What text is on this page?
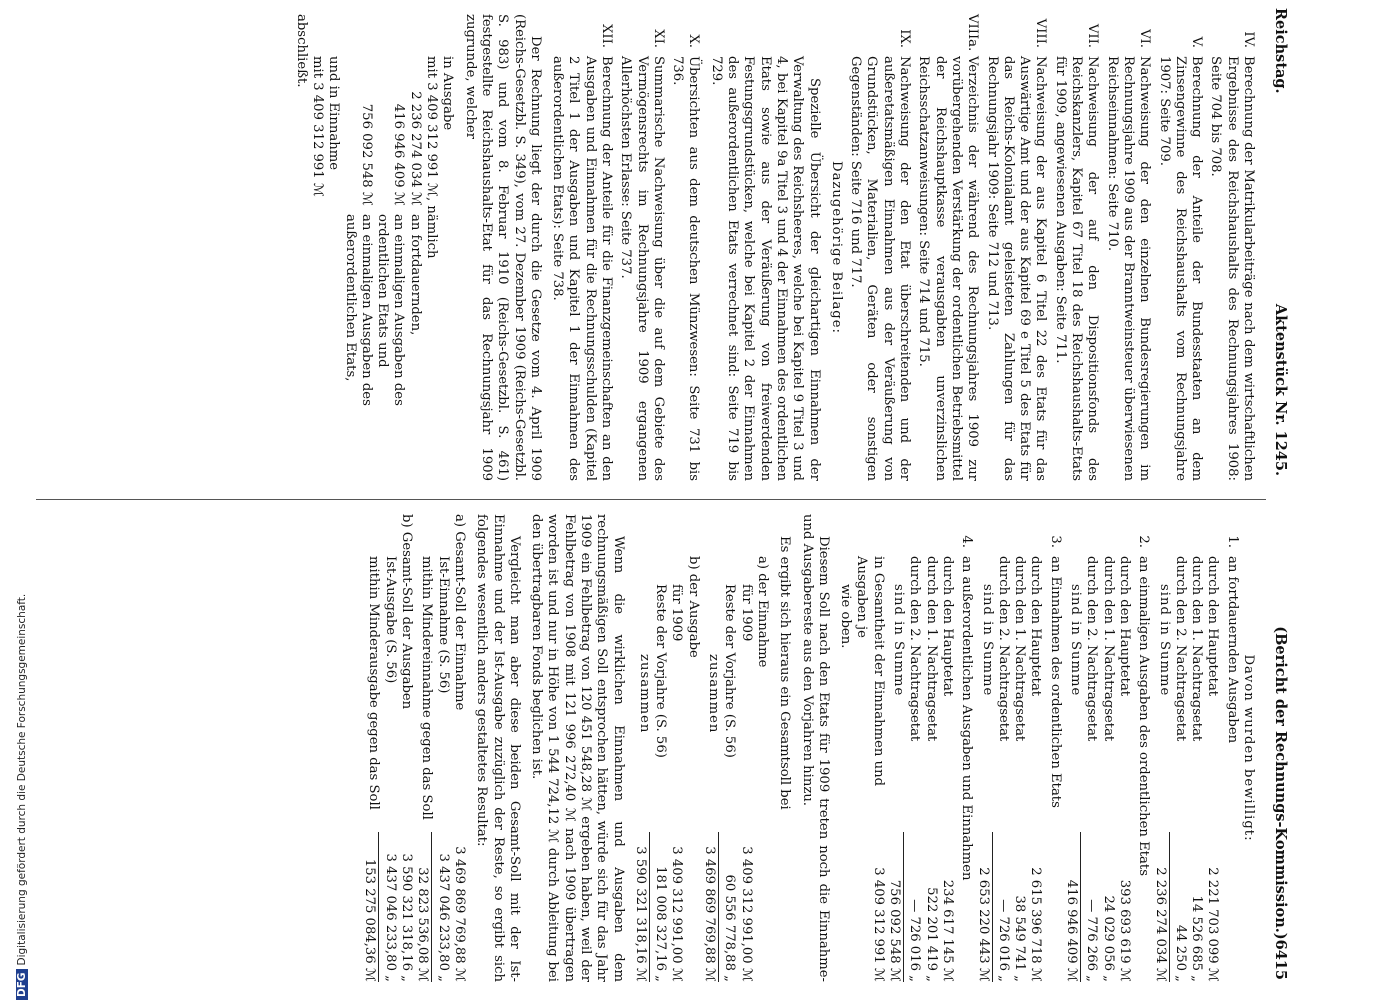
Reichstag.
Aktenstück Nr. 1245.
(Bericht der Rechnungs-Kommission.)
6415
IV.
Berechnung der Matrikularbeiträge nach dem wirtschaftlichen Ergebnisse des Reichshaushalts des Rechnungsjahres 1908: Seite 704 bis 708.
V.
Berechnung der Anteile der Bundesstaaten an dem Zinsengewinne des Reichshaushalts vom Rechnungsjahre 1907: Seite 709.
VI.
Nachweisung der den einzelnen Bundesregierungen im Rechnungsjahre 1909 aus der Branntweinsteuer überwiesenen Reichseinnahmen: Seite 710.
VII.
Nachweisung der auf den Dispositionsfonds des Reichskanzlers, Kapitel 67 Titel 18 des Reichshaushalts-Etats für 1909, angewiesenen Ausgaben: Seite 711.
VIII.
Nachweisung der aus Kapitel 6 Titel 22 des Etats für das Auswärtige Amt und der aus Kapitel 69 e Titel 5 des Etats für das Reichs-Kolonialamt geleisteten Zahlungen für das Rechnungsjahr 1909: Seite 712 und 713.
VIIIa.
Verzeichnis der während des Rechnungsjahres 1909 zur vorübergehenden Verstärkung der ordentlichen Betriebsmittel der Reichshauptkasse verausgabten unverzinslichen Reichsschatzanweisungen: Seite 714 und 715.
IX.
Nachweisung der den Etat überschreitenden und der außeretatsmäßigen Einnahmen aus der Veräußerung von Grundstücken, Materialien, Geräten oder sonstigen Gegenständen: Seite 716 und 717.
Dazugehörige Beilage:
Spezielle Übersicht der gleichartigen Einnahmen der Verwaltung des Reichsheeres, welche bei Kapitel 9 Titel 3 und 4, bei Kapitel 9a Titel 3 und 4 der Einnahmen des ordentlichen Etats sowie aus der Veräußerung von freiwerdenden Festungsgrundstücken, welche bei Kapitel 2 der Einnahmen des außerordentlichen Etats verrechnet sind: Seite 719 bis 729.
X.
Übersichten aus dem deutschen Münzwesen: Seite 731 bis 736.
XI.
Summarische Nachweisung über die auf dem Gebiete des Vermögensrechts im Rechnungsjahre 1909 ergangenen Allerhöchsten Erlasse: Seite 737.
XII.
Berechnung der Anteile für die Finanzgemeinschaften an den Ausgaben und Einnahmen für die Rechnungsschulden (Kapitel 2 Titel 1 der Ausgaben und Kapitel 1 der Einnahmen des außerordentlichen Etats): Seite 738.
Der Rechnung liegt der durch die Gesetze vom 4. April 1909 (Reichs-Gesetzbl. S. 349), vom 27. Dezember 1909 (Reichs-Gesetzbl. S. 983) und vom 8. Februar 1910 (Reichs-Gesetzbl. S. 461) festgestellte Reichshaushalts-Etat für das Rechnungsjahr 1909 zugrunde, welcher
in Ausgabe
mit 3 409 312 991 ℳ, nämlich
2 236 274 034 ℳ
an fortdauernden,
416 946 409 ℳ
an einmaligen Ausgaben des ordentlichen Etats und
756 092 548 ℳ
an einmaligen Ausgaben des außerordentlichen Etats,
und in Einnahme
mit 3 409 312 991 ℳ
abschließt.
Davon wurden bewilligt:
1.
an fortdauernden Ausgaben
durch den Hauptetat
2 221 703 099 ℳ
durch den 1. Nachtragsetat
14 526 685 „
durch den 2. Nachtragsetat
44 250 „
sind in Summe
2 236 274 034 ℳ
2.
an einmaligen Ausgaben des ordentlichen Etats
durch den Hauptetat
393 693 619 ℳ
durch den 1. Nachtragsetat
24 029 056 „
durch den 2. Nachtragsetat
— 776 266 „
sind in Summe
416 946 409 ℳ
3.
an Einnahmen des ordentlichen Etats
durch den Hauptetat
2 615 396 718 ℳ
durch den 1. Nachtragsetat
38 549 741 „
durch den 2. Nachtragsetat
— 726 016 „
sind in Summe
2 653 220 443 ℳ
4.
an außerordentlichen Ausgaben und Einnahmen
durch den Hauptetat
234 617 145 ℳ
durch den 1. Nachtragsetat
522 201 419 „
durch den 2. Nachtragsetat
— 726 016 „
sind in Summe
756 092 548 ℳ
in Gesamtheit der Einnahmen und Ausgaben je
3 409 312 991 ℳ
wie oben.
Diesem Soll nach den Etats für 1909 treten noch die Einnahme- und Ausgabereste aus den Vorjahren hinzu.
Es ergibt sich hieraus ein Gesamtsoll bei
a) der Einnahme
für 1909
3 409 312 991,00 ℳ
Reste der Vorjahre (S. 56)
60 556 778,88 „
zusammen
3 469 869 769,88 ℳ
b) der Ausgabe
für 1909
3 409 312 991,00 ℳ
Reste der Vorjahre (S. 56)
181 008 327,16 „
zusammen
3 590 321 318,16 ℳ
Wenn die wirklichen Einnahmen und Ausgaben dem rechnungsmäßigen Soll entsprochen hätten, würde sich für das Jahr 1909 ein Fehlbetrag von 120 451 548,28 ℳ ergeben haben, weil der Fehlbetrag von 1908 mit 121 996 272,40 ℳ nach 1909 übertragen worden ist und nur in Höhe von 1 544 724,12 ℳ durch Ableitung bei den übertragbaren Fonds beglichen ist.
Vergleicht man aber diese beiden Gesamt-Soll mit der Ist-Einnahme und der Ist-Ausgabe zuzüglich der Reste, so ergibt sich folgendes wesentlich anders gestaltetes Resultat:
a) Gesamt-Soll der Einnahme
3 469 869 769,88 ℳ
Ist-Einnahme (S. 56)
3 437 046 233,80 „
mithin Mindereinnahme gegen das Soll
32 823 536,08 ℳ
b) Gesamt-Soll der Ausgaben
3 590 321 318,16 „
Ist-Ausgabe (S. 56)
3 437 046 233,80 „
mithin Minderausgabe gegen das Soll
153 275 084,36 ℳ
DFGDigitalisierung gefördert durch die Deutsche Forschungsgemeinschaft.
